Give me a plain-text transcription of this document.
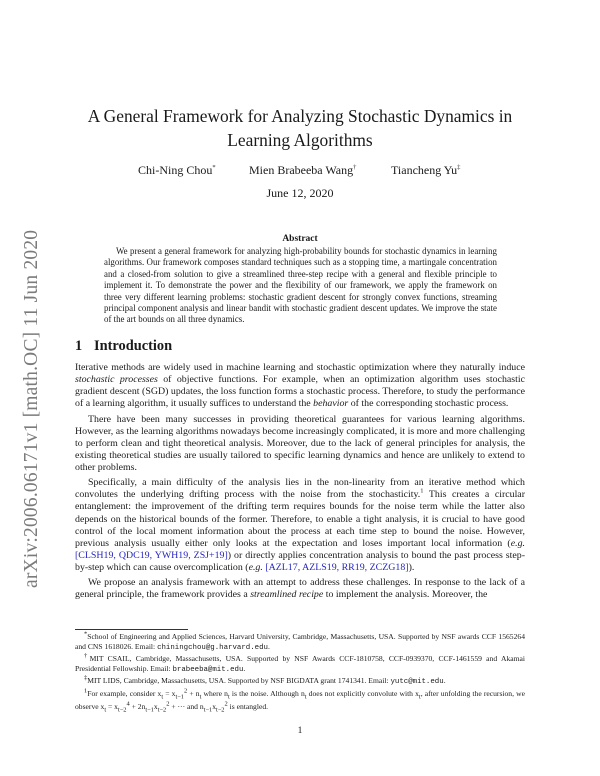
arXiv:2006.06171v1 [math.OC] 11 Jun 2020
A General Framework for Analyzing Stochastic Dynamics in Learning Algorithms
Chi-Ning Chou*	Mien Brabeeba Wang†	Tiancheng Yu‡
June 12, 2020
Abstract
We present a general framework for analyzing high-probability bounds for stochastic dynamics in learning algorithms. Our framework composes standard techniques such as a stopping time, a martingale concentration and a closed-from solution to give a streamlined three-step recipe with a general and flexible principle to implement it. To demonstrate the power and the flexibility of our framework, we apply the framework on three very different learning problems: stochastic gradient descent for strongly convex functions, streaming principal component analysis and linear bandit with stochastic gradient descent updates. We improve the state of the art bounds on all three dynamics.
1 Introduction

Iterative methods are widely used in machine learning and stochastic optimization where they naturally induce stochastic processes of objective functions. For example, when an optimization algorithm uses stochastic gradient descent (SGD) updates, the loss function forms a stochastic process. Therefore, to study the performance of a learning algorithm, it usually suffices to understand the behavior of the corresponding stochastic process.

There have been many successes in providing theoretical guarantees for various learning algorithms. However, as the learning algorithms nowadays become increasingly complicated, it is more and more challenging to perform clean and tight theoretical analysis. Moreover, due to the lack of general principles for analysis, the existing theoretical studies are usually tailored to specific learning dynamics and hence are unlikely to extend to other problems.

Specifically, a main difficulty of the analysis lies in the non-linearity from an iterative method which convolutes the underlying drifting process with the noise from the stochasticity.$^1$ This creates a circular entanglement: the improvement of the drifting term requires bounds for the noise term while the latter also depends on the historical bounds of the former. Therefore, to enable a tight analysis, it is crucial to have good control of the local moment information about the process at each time step to bound the noise. However, previous analysis usually either only looks at the expectation and loses important local information (e.g. [CLSH19, QDC19, YWH19, ZSJ+19]) or directly applies concentration analysis to bound the past process step-by-step which can cause overcomplication (e.g. [AZL17, AZLS19, RR19, ZCZG18]).

We propose an analysis framework with an attempt to address these challenges. In response to the lack of a general principle, the framework provides a streamlined recipe to implement the analysis. Moreover, the

*School of Engineering and Applied Sciences, Harvard University, Cambridge, Massachusetts, USA. Supported by NSF awards CCF 1565264 and CNS 1618026. Email: chiningchou@g.harvard.edu.

†MIT CSAIL, Cambridge, Massachusetts, USA. Supported by NSF Awards CCF-1810758, CCF-0939370, CCF-1461559 and Akamai Presidential Fellowship. Email: brabeeba@mit.edu.

‡MIT LIDS, Cambridge, Massachusetts, USA. Supported by NSF BIGDATA grant 1741341. Email: yutc@mit.edu.

$^1$For example, consider $x_t = x_{t-1}^2 + n_t$ where $n_t$ is the noise. Although $n_t$ does not explicitly convolute with $x_t$, after unfolding the recursion, we observe $x_t = x_{t-2}^4 + 2n_{t-1}x_{t-2}^2$ + ··· and $n_{t-1}x_{t-2}^2$ is entangled.

1
